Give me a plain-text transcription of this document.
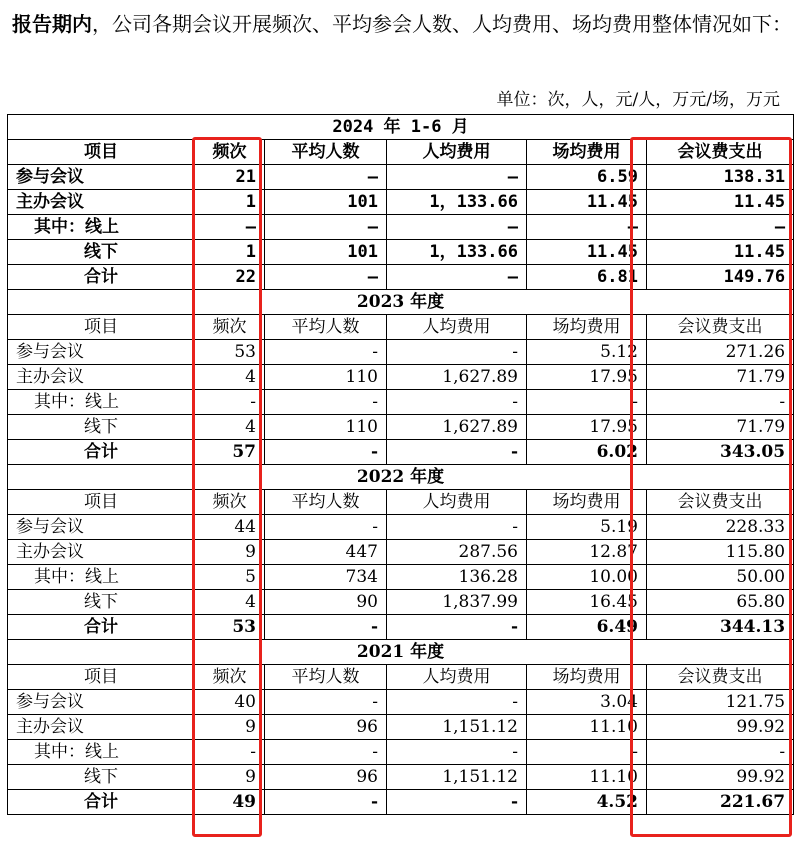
报告期内，公司各期会议开展频次、平均参会人数、人均费用、场均费用整体情况如下：
单位：次，人，元/人，万元/场，万元
2024 年 1-6 月					
项目	频次	平均人数	人均费用	场均费用	会议费支出
参与会议	21	–	–	6.59	138.31
主办会议	1	101	1，133.66	11.45	11.45
其中：线上	–	–	–	–	–
线下	1	101	1，133.66	11.45	11.45
合计	22	–	–	6.81	149.76
2023 年度					
项目	频次	平均人数	人均费用	场均费用	会议费支出
参与会议	53	-	-	5.12	271.26
主办会议	4	110	1,627.89	17.95	71.79
其中：线上	-	-	-	-	-
线下	4	110	1,627.89	17.95	71.79
合计	57	-	-	6.02	343.05
2022 年度					
项目	频次	平均人数	人均费用	场均费用	会议费支出
参与会议	44	-	-	5.19	228.33
主办会议	9	447	287.56	12.87	115.80
其中：线上	5	734	136.28	10.00	50.00
线下	4	90	1,837.99	16.45	65.80
合计	53	-	-	6.49	344.13
2021 年度					
项目	频次	平均人数	人均费用	场均费用	会议费支出
参与会议	40	-	-	3.04	121.75
主办会议	9	96	1,151.12	11.10	99.92
其中：线上	-	-	-	-	-
线下	9	96	1,151.12	11.10	99.92
合计	49	-	-	4.52	221.67
